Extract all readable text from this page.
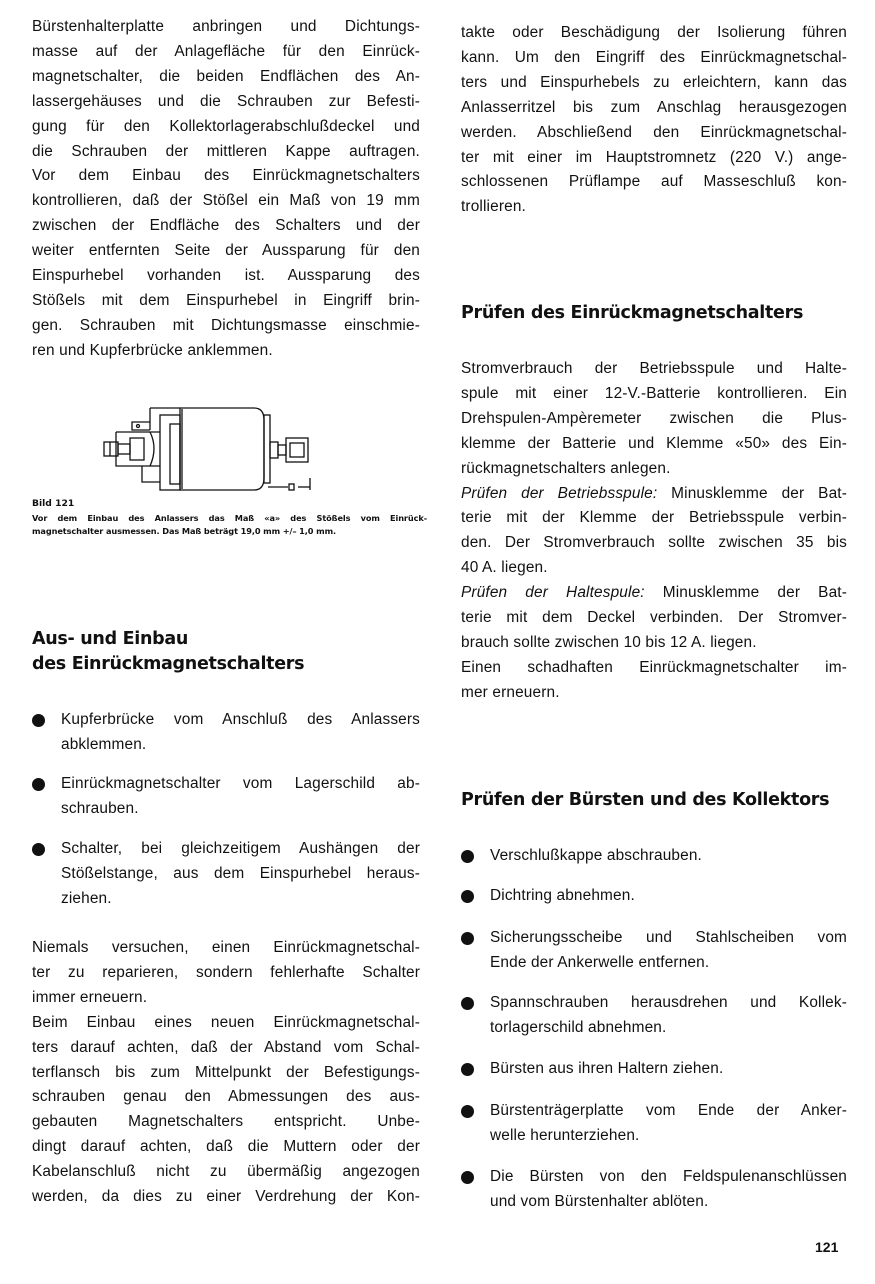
Bürstenhalterplatte anbringen und Dichtungs-
masse auf der Anlagefläche für den Einrück-
magnetschalter, die beiden Endflächen des An-
lassergehäuses und die Schrauben zur Befesti-
gung für den Kollektorlagerabschlußdeckel und
die Schrauben der mittleren Kappe auftragen.
Vor dem Einbau des Einrückmagnetschalters
kontrollieren, daß der Stößel ein Maß von 19 mm
zwischen der Endfläche des Schalters und der
weiter entfernten Seite der Aussparung für den
Einspurhebel vorhanden ist. Aussparung des
Stößels mit dem Einspurhebel in Eingriff brin-
gen. Schrauben mit Dichtungsmasse einschmie-
ren und Kupferbrücke anklemmen.
Bild 121
Vor dem Einbau des Anlassers das Maß «a» des Stößels vom Einrück-
magnetschalter ausmessen. Das Maß beträgt 19,0 mm +/– 1,0 mm.
Aus- und Einbau
des Einrückmagnetschalters
Kupferbrücke vom Anschluß des Anlassers
abklemmen.
Einrückmagnetschalter vom Lagerschild ab-
schrauben.
Schalter, bei gleichzeitigem Aushängen der
Stößelstange, aus dem Einspurhebel heraus-
ziehen.
Niemals versuchen, einen Einrückmagnetschal-
ter zu reparieren, sondern fehlerhafte Schalter
immer erneuern.
Beim Einbau eines neuen Einrückmagnetschal-
ters darauf achten, daß der Abstand vom Schal-
terflansch bis zum Mittelpunkt der Befestigungs-
schrauben genau den Abmessungen des aus-
gebauten Magnetschalters entspricht. Unbe-
dingt darauf achten, daß die Muttern oder der
Kabelanschluß nicht zu übermäßig angezogen
werden, da dies zu einer Verdrehung der Kon-
takte oder Beschädigung der Isolierung führen
kann. Um den Eingriff des Einrückmagnetschal-
ters und Einspurhebels zu erleichtern, kann das
Anlasserritzel bis zum Anschlag herausgezogen
werden. Abschließend den Einrückmagnetschal-
ter mit einer im Hauptstromnetz (220 V.) ange-
schlossenen Prüflampe auf Masseschluß kon-
trollieren.
Prüfen des Einrückmagnetschalters
Stromverbrauch der Betriebsspule und Halte-
spule mit einer 12-V.-Batterie kontrollieren. Ein
Drehspulen-Ampèremeter zwischen die Plus-
klemme der Batterie und Klemme «50» des Ein-
rückmagnetschalters anlegen.
Prüfen der Betriebsspule: Minusklemme der Bat-
terie mit der Klemme der Betriebsspule verbin-
den. Der Stromverbrauch sollte zwischen 35 bis
40 A. liegen.
Prüfen der Haltespule: Minusklemme der Bat-
terie mit dem Deckel verbinden. Der Stromver-
brauch sollte zwischen 10 bis 12 A. liegen.
Einen schadhaften Einrückmagnetschalter im-
mer erneuern.
Prüfen der Bürsten und des Kollektors
Verschlußkappe abschrauben.
Dichtring abnehmen.
Sicherungsscheibe und Stahlscheiben vom
Ende der Ankerwelle entfernen.
Spannschrauben herausdrehen und Kollek-
torlagerschild abnehmen.
Bürsten aus ihren Haltern ziehen.
Bürstenträgerplatte vom Ende der Anker-
welle herunterziehen.
Die Bürsten von den Feldspulenanschlüssen
und vom Bürstenhalter ablöten.
121
